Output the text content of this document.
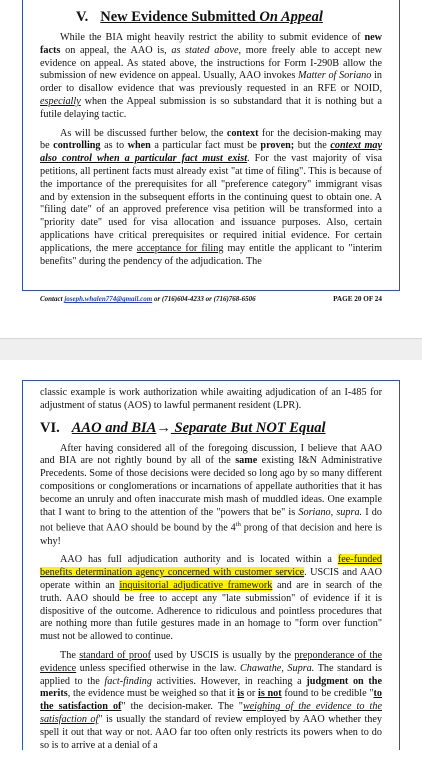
V. New Evidence Submitted On Appeal

While the BIA might heavily restrict the ability to submit evidence of new facts on appeal, the AAO is, as stated above, more freely able to accept new evidence on appeal. As stated above, the instructions for Form I-290B allow the submission of new evidence on appeal. Usually, AAO invokes Matter of Soriano in order to disallow evidence that was previously requested in an RFE or NOID, especially when the Appeal submission is so substandard that it is nothing but a futile delaying tactic.

As will be discussed further below, the context for the decision-making may be controlling as to when a particular fact must be proven; but the context may also control when a particular fact must exist. For the vast majority of visa petitions, all pertinent facts must already exist "at time of filing". This is because of the importance of the prerequisites for all "preference category" immigrant visas and by extension in the subsequent efforts in the continuing quest to obtain one. A "filing date" of an approved preference visa petition will be transformed into a "priority date" used for visa allocation and issuance purposes. Also, certain applications have critical prerequisites or required initial evidence. For certain applications, the mere acceptance for filing may entitle the applicant to "interim benefits" during the pendency of the adjudication. The

Contact joseph.whalen774@gmail.com or (716)604-4233 or (716)768-6506	PAGE 20 OF 24

classic example is work authorization while awaiting adjudication of an I-485 for adjustment of status (AOS) to lawful permanent resident (LPR).

VI. AAO and BIA→ Separate But NOT Equal

After having considered all of the foregoing discussion, I believe that AAO and BIA are not rightly bound by all of the same existing I&N Administrative Precedents. Some of those decisions were decided so long ago by so many different compositions or conglomerations or incarnations of appellate authorities that it has become an unruly and often inaccurate mish mash of muddled ideas. One example that I want to bring to the attention of the "powers that be" is Soriano, supra. I do not believe that AAO should be bound by the 4th prong of that decision and here is why!

AAO has full adjudication authority and is located within a fee-funded benefits determination agency concerned with customer service. USCIS and AAO operate within an inquisitorial adjudicative framework and are in search of the truth. AAO should be free to accept any "late submission" of evidence if it is dispositive of the outcome. Adherence to ridiculous and pointless procedures that are nothing more than futile gestures made in an homage to "form over function" must not be allowed to continue.

The standard of proof used by USCIS is usually by the preponderance of the evidence unless specified otherwise in the law. Chawathe, Supra. The standard is applied to the fact-finding activities. However, in reaching a judgment on the merits, the evidence must be weighed so that it is or is not found to be credible "to the satisfaction of" the decision-maker. The "weighing of the evidence to the satisfaction of" is usually the standard of review employed by AAO whether they spell it out that way or not. AAO far too often only restricts its powers when to do so is to arrive at a denial of a
